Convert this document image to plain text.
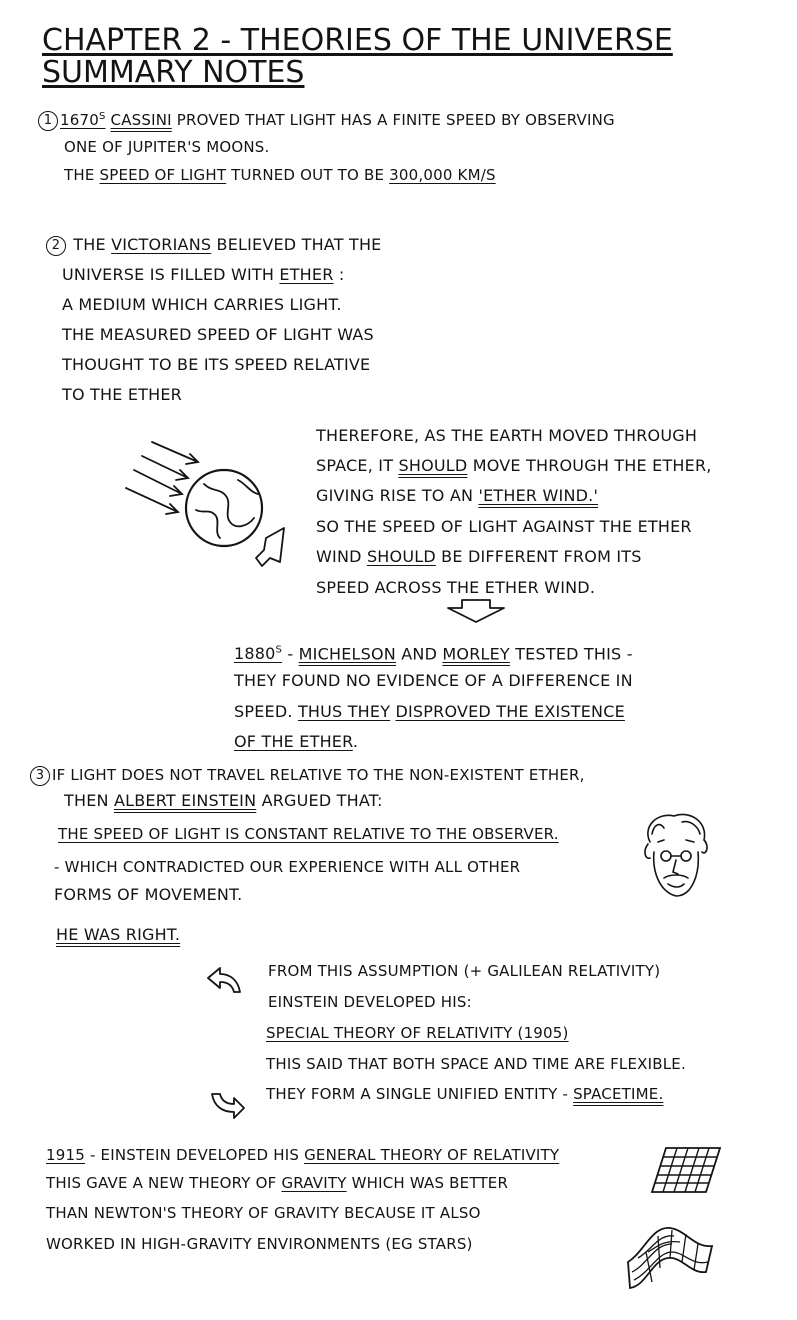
CHAPTER 2 - THEORIES OF THE UNIVERSE
SUMMARY NOTES
1 $1670^S$ CASSINI PROVED THAT LIGHT HAS A FINITE SPEED BY OBSERVING
ONE OF JUPITER'S MOONS.
THE SPEED OF LIGHT TURNED OUT TO BE 300,000 KM/S
2 THE VICTORIANS BELIEVED THAT THE
UNIVERSE IS FILLED WITH ETHER :
A MEDIUM WHICH CARRIES LIGHT.
THE MEASURED SPEED OF LIGHT WAS
THOUGHT TO BE ITS SPEED RELATIVE
TO THE ETHER
THEREFORE, AS THE EARTH MOVED THROUGH
SPACE, IT SHOULD MOVE THROUGH THE ETHER,
GIVING RISE TO AN 'ETHER WIND.'
SO THE SPEED OF LIGHT AGAINST THE ETHER
WIND SHOULD BE DIFFERENT FROM ITS
SPEED ACROSS THE ETHER WIND.
$1880^S$ - MICHELSON AND MORLEY TESTED THIS -
THEY FOUND NO EVIDENCE OF A DIFFERENCE IN
SPEED. THUS THEY DISPROVED THE EXISTENCE
OF THE ETHER.
3 IF LIGHT DOES NOT TRAVEL RELATIVE TO THE NON-EXISTENT ETHER,
THEN ALBERT EINSTEIN ARGUED THAT:
THE SPEED OF LIGHT IS CONSTANT RELATIVE TO THE OBSERVER.
- WHICH CONTRADICTED OUR EXPERIENCE WITH ALL OTHER
FORMS OF MOVEMENT.
HE WAS RIGHT.
FROM THIS ASSUMPTION (+ GALILEAN RELATIVITY)
EINSTEIN DEVELOPED HIS:
SPECIAL THEORY OF RELATIVITY (1905)
THIS SAID THAT BOTH SPACE AND TIME ARE FLEXIBLE.
THEY FORM A SINGLE UNIFIED ENTITY - SPACETIME.
1915 - EINSTEIN DEVELOPED HIS GENERAL THEORY OF RELATIVITY
THIS GAVE A NEW THEORY OF GRAVITY WHICH WAS BETTER
THAN NEWTON'S THEORY OF GRAVITY BECAUSE IT ALSO
WORKED IN HIGH-GRAVITY ENVIRONMENTS (EG STARS)
